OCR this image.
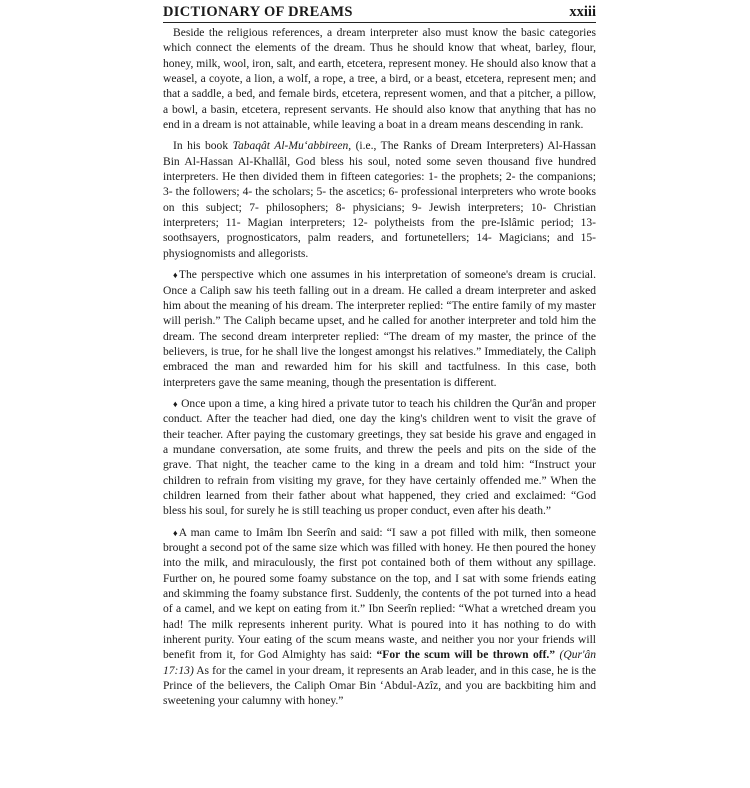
DICTIONARY OF DREAMS	xxiii

Beside the religious references, a dream interpreter also must know the basic categories which connect the elements of the dream. Thus he should know that wheat, barley, flour, honey, milk, wool, iron, salt, and earth, etcetera, represent money. He should also know that a weasel, a coyote, a lion, a wolf, a rope, a tree, a bird, or a beast, etcetera, represent men; and that a saddle, a bed, and female birds, etcetera, represent women, and that a pitcher, a pillow, a bowl, a basin, etcetera, represent servants. He should also know that anything that has no end in a dream is not attainable, while leaving a boat in a dream means descending in rank.

In his book Tabaqât Al-Mu‘abbireen, (i.e., The Ranks of Dream Interpreters) Al-Hassan Bin Al-Hassan Al-Khallâl, God bless his soul, noted some seven thousand five hundred interpreters. He then divided them in fifteen categories: 1- the prophets; 2- the companions; 3- the followers; 4- the scholars; 5- the ascetics; 6- professional interpreters who wrote books on this subject; 7- philosophers; 8- physicians; 9- Jewish interpreters; 10- Christian interpreters; 11- Magian interpreters; 12- polytheists from the pre-Islâmic period; 13- soothsayers, prognosticators, palm readers, and fortunetellers; 14- Magicians; and 15- physiognomists and allegorists.

♦The perspective which one assumes in his interpretation of someone's dream is crucial. Once a Caliph saw his teeth falling out in a dream. He called a dream interpreter and asked him about the meaning of his dream. The interpreter replied: “The entire family of my master will perish.” The Caliph became upset, and he called for another interpreter and told him the dream. The second dream interpreter replied: “The dream of my master, the prince of the believers, is true, for he shall live the longest amongst his relatives.” Immediately, the Caliph embraced the man and rewarded him for his skill and tactfulness. In this case, both interpreters gave the same meaning, though the presentation is different.

♦ Once upon a time, a king hired a private tutor to teach his children the Qur'ân and proper conduct. After the teacher had died, one day the king's children went to visit the grave of their teacher. After paying the customary greetings, they sat beside his grave and engaged in a mundane conversation, ate some fruits, and threw the peels and pits on the side of the grave. That night, the teacher came to the king in a dream and told him: “Instruct your children to refrain from visiting my grave, for they have certainly offended me.” When the children learned from their father about what happened, they cried and exclaimed: “God bless his soul, for surely he is still teaching us proper conduct, even after his death.”

♦A man came to Imâm Ibn Seerîn and said: “I saw a pot filled with milk, then someone brought a second pot of the same size which was filled with honey. He then poured the honey into the milk, and miraculously, the first pot contained both of them without any spillage. Further on, he poured some foamy substance on the top, and I sat with some friends eating and skimming the foamy substance first. Suddenly, the contents of the pot turned into a head of a camel, and we kept on eating from it.” Ibn Seerîn replied: “What a wretched dream you had! The milk represents inherent purity. What is poured into it has nothing to do with inherent purity. Your eating of the scum means waste, and neither you nor your friends will benefit from it, for God Almighty has said: “For the scum will be thrown off.” (Qur'ân 17:13) As for the camel in your dream, it represents an Arab leader, and in this case, he is the Prince of the believers, the Caliph Omar Bin ‘Abdul-Azîz, and you are backbiting him and sweetening your calumny with honey.”
